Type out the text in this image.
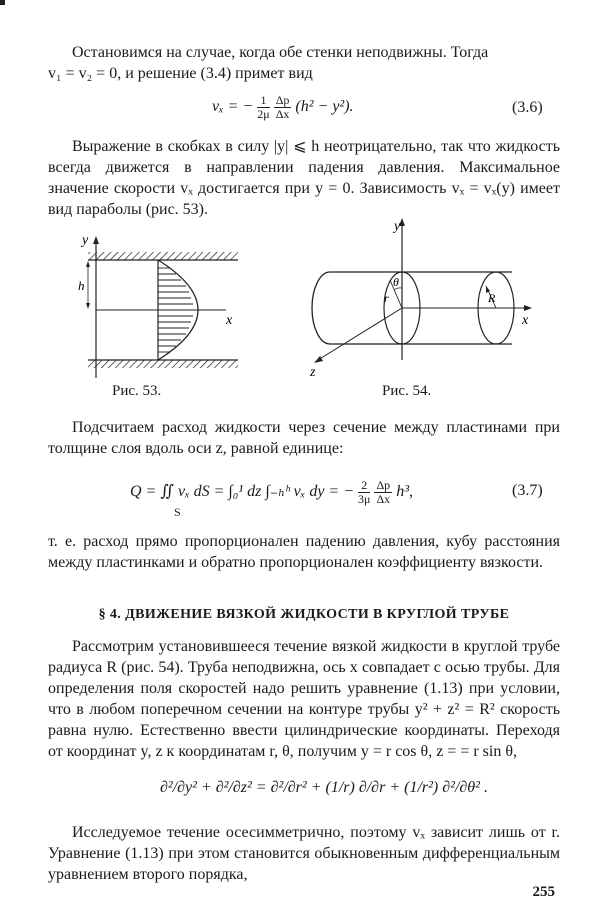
Остановимся на случае, когда обе стенки неподвижны. Тогда
v₁ = v₂ = 0, и решение (3.4) примет вид
vₓ = − $\frac{1}{2\mu}$
$\frac{\Delta p}{\Delta x} (h^2 - y^2)$.	(3.6)

Выражение в скобках в силу |y| ⩽ h неотрицательно, так что жидкость всегда движется в направлении падения давления. Максимальное значение скорости vₓ достигается при y = 0. Зависимость vₓ = vₓ(y) имеет вид параболы (рис. 53).

y
x
h
Рис. 53.
y
x
z
r
θ
R
Рис. 54.

Подсчитаем расход жидкости через сечение между пластинами при толщине слоя вдоль оси z, равной единице:

Q = ∬ vₓ dS = ∫₀¹ dz ∫₋ₕʰ vₓ dy = − $\frac{2}{3\mu}$
$\frac{\Delta p}{\Delta x} h^3$,
S
(3.7)

т. е. расход прямо пропорционален падению давления, кубу расстояния между пластинками и обратно пропорционален коэффициенту вязкости.

§ 4. ДВИЖЕНИЕ ВЯЗКОЙ ЖИДКОСТИ В КРУГЛОЙ ТРУБЕ

Рассмотрим установившееся течение вязкой жидкости в круглой трубе радиуса R (рис. 54). Труба неподвижна, ось x совпадает с осью трубы. Для определения поля скоростей надо решить уравнение (1.13) при условии, что в любом поперечном сечении на контуре трубы y² + z² = R² скорость равна нулю. Естественно ввести цилиндрические координаты. Переходя от координат y, z к координатам r, θ, получим y = r cos θ, z = = r sin θ,

∂²/∂y² + ∂²/∂z² = ∂²/∂r² + (1/r) ∂/∂r + (1/r²) ∂²/∂θ² .

Исследуемое течение осесимметрично, поэтому vₓ зависит лишь от r. Уравнение (1.13) при этом становится обыкновенным дифференциальным уравнением второго порядка,

255
